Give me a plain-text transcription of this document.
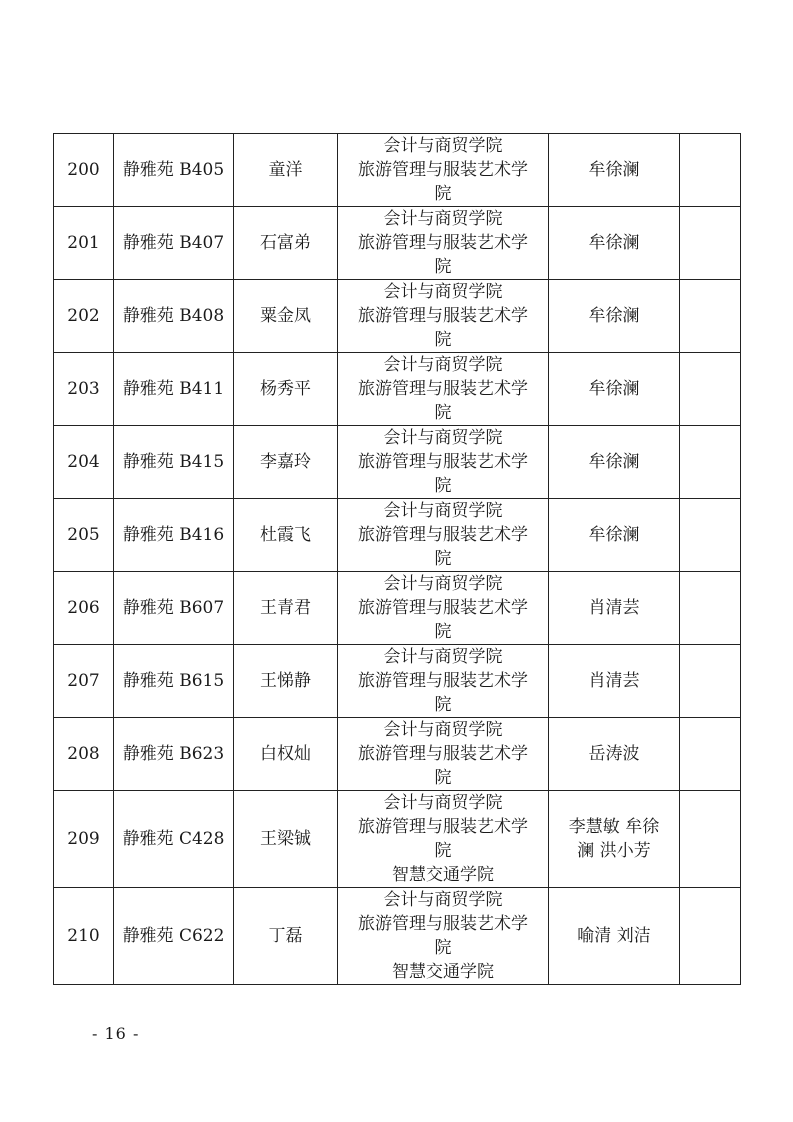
200	静雅苑 B405	童洋	会计与商贸学院
旅游管理与服装艺术学
院	牟徐澜	

201	静雅苑 B407	石富弟	会计与商贸学院
旅游管理与服装艺术学
院	牟徐澜	

202	静雅苑 B408	粟金凤	会计与商贸学院
旅游管理与服装艺术学
院	牟徐澜	

203	静雅苑 B411	杨秀平	会计与商贸学院
旅游管理与服装艺术学
院	牟徐澜	

204	静雅苑 B415	李嘉玲	会计与商贸学院
旅游管理与服装艺术学
院	牟徐澜	

205	静雅苑 B416	杜霞飞	会计与商贸学院
旅游管理与服装艺术学
院	牟徐澜	

206	静雅苑 B607	王青君	会计与商贸学院
旅游管理与服装艺术学
院	肖清芸	

207	静雅苑 B615	王悌静	会计与商贸学院
旅游管理与服装艺术学
院	肖清芸	

208	静雅苑 B623	白权灿	会计与商贸学院
旅游管理与服装艺术学
院	岳涛波	

209	静雅苑 C428	王梁铖	会计与商贸学院
旅游管理与服装艺术学
院
智慧交通学院	李慧敏 牟徐
澜 洪小芳	

210	静雅苑 C622	丁磊	会计与商贸学院
旅游管理与服装艺术学
院
智慧交通学院	喻清 刘洁	

- 16 -
